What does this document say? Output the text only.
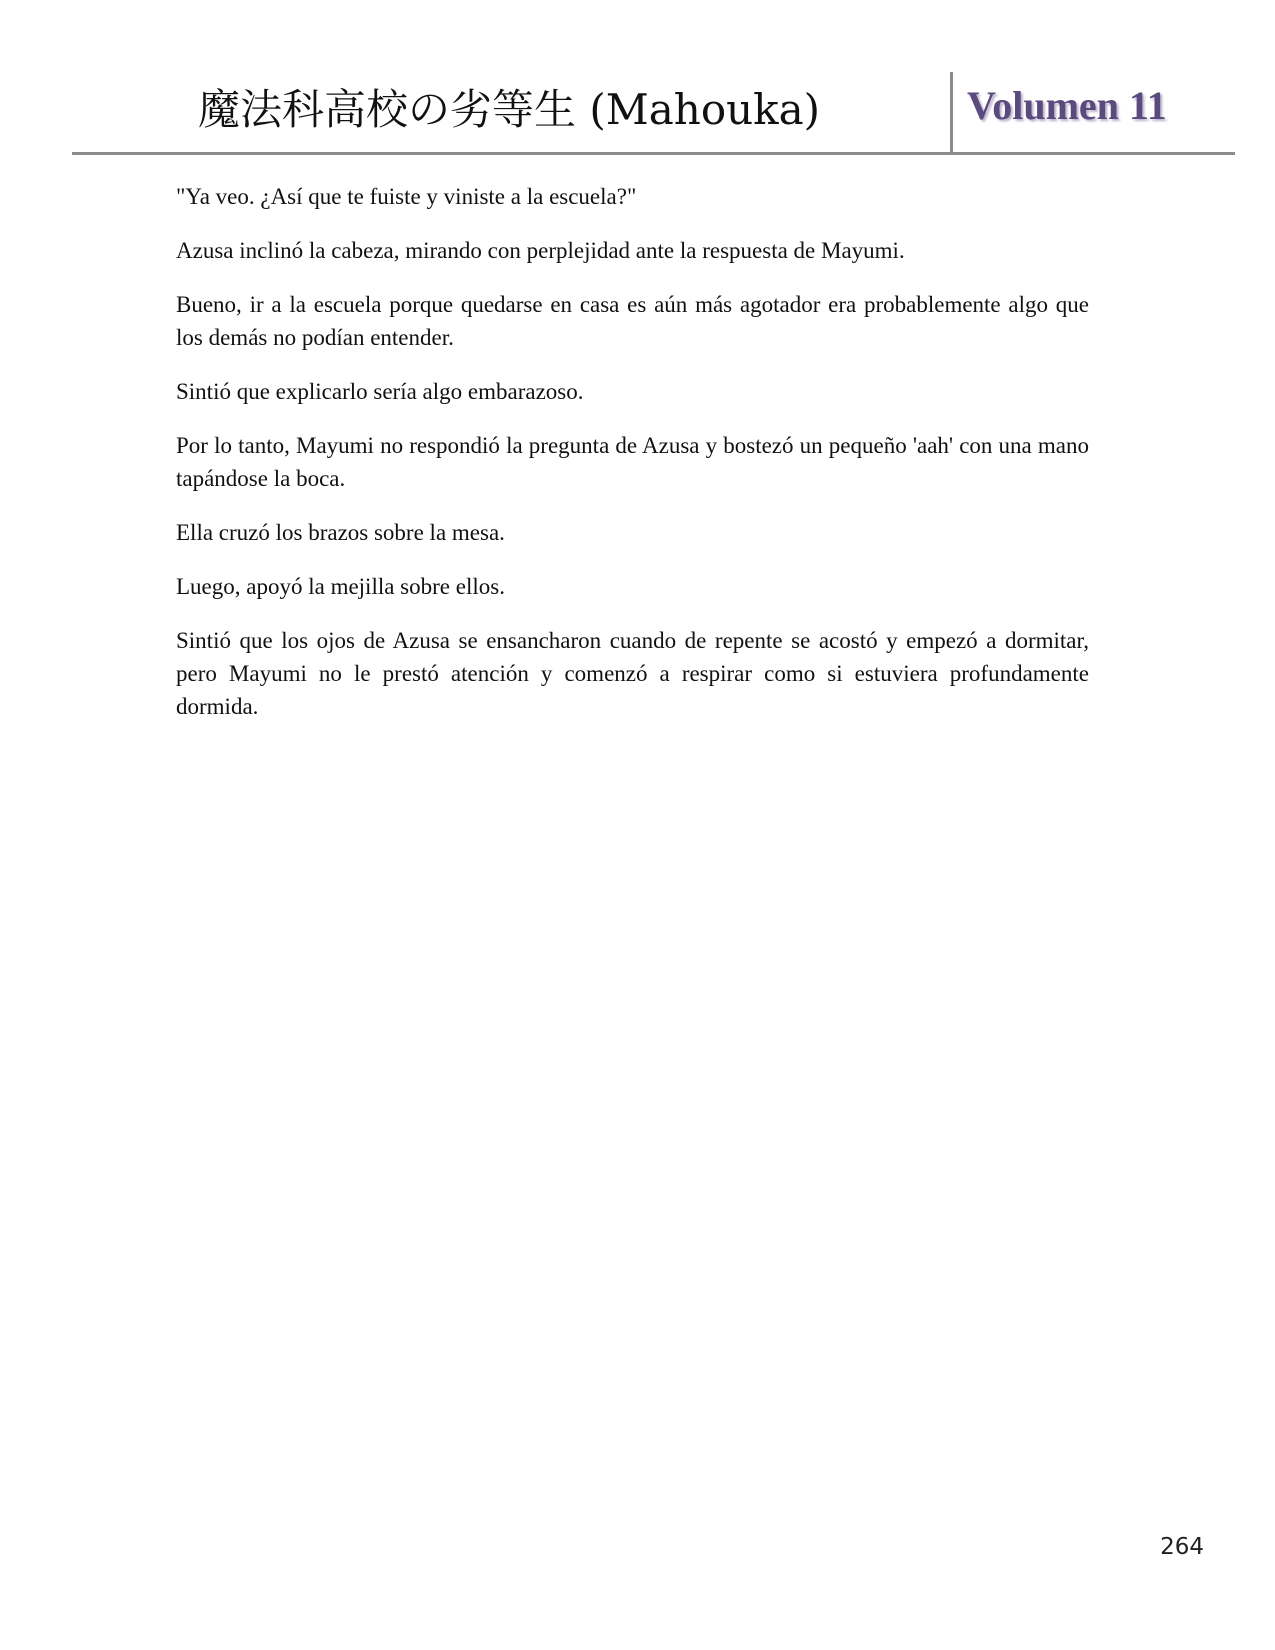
魔法科高校の劣等生 (Mahouka)	Volumen 11

"Ya veo. ¿Así que te fuiste y viniste a la escuela?"

Azusa inclinó la cabeza, mirando con perplejidad ante la respuesta de Mayumi.

Bueno, ir a la escuela porque quedarse en casa es aún más agotador era probablemente algo que los demás no podían entender.

Sintió que explicarlo sería algo embarazoso.

Por lo tanto, Mayumi no respondió la pregunta de Azusa y bostezó un pequeño 'aah' con una mano tapándose la boca.

Ella cruzó los brazos sobre la mesa.

Luego, apoyó la mejilla sobre ellos.

Sintió que los ojos de Azusa se ensancharon cuando de repente se acostó y empezó a dormitar, pero Mayumi no le prestó atención y comenzó a respirar como si estuviera profundamente dormida.

264
